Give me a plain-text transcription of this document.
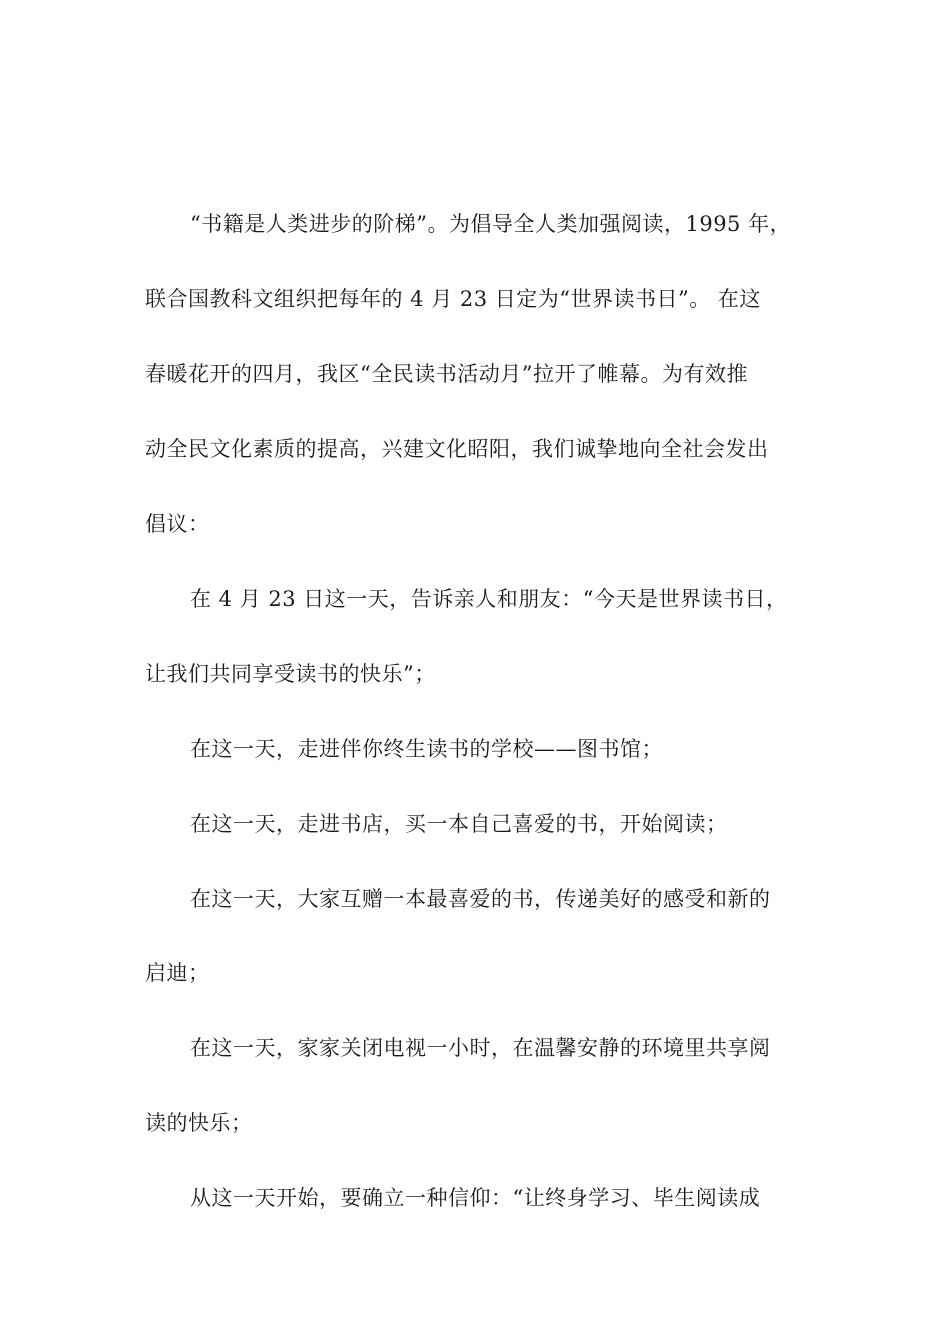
“书籍是人类进步的阶梯”。为倡导全人类加强阅读，1995 年，
联合国教科文组织把每年的 4 月 23 日定为“世界读书日”。 在这
春暖花开的四月，我区“全民读书活动月”拉开了帷幕。为有效推
动全民文化素质的提高，兴建文化昭阳，我们诚挚地向全社会发出
倡议：
在 4 月 23 日这一天，告诉亲人和朋友：“今天是世界读书日，
让我们共同享受读书的快乐”；
在这一天，走进伴你终生读书的学校——图书馆；
在这一天，走进书店，买一本自己喜爱的书，开始阅读；
在这一天，大家互赠一本最喜爱的书，传递美好的感受和新的
启迪；
在这一天，家家关闭电视一小时，在温馨安静的环境里共享阅
读的快乐；
从这一天开始，要确立一种信仰：“让终身学习、毕生阅读成
